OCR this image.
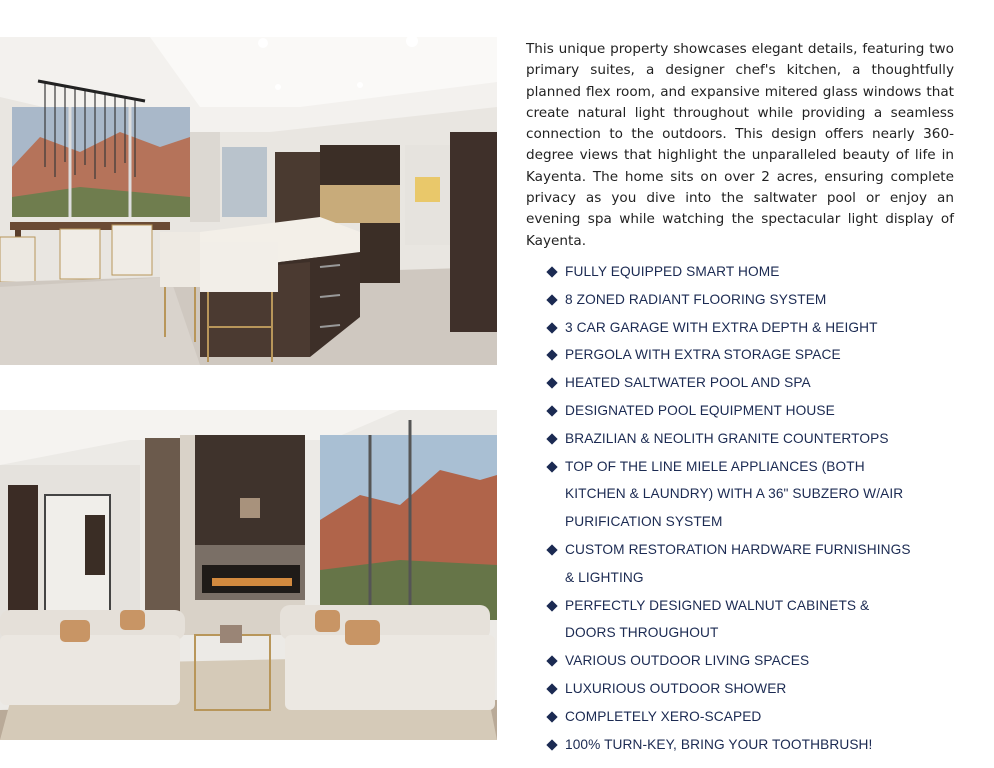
This unique property showcases elegant details, featuring two primary suites, a designer chef's kitchen, a thoughtfully planned flex room, and expansive mitered glass windows that create natural light throughout while providing a seamless connection to the outdoors. This design offers nearly 360-degree views that highlight the unparalleled beauty of life in Kayenta. The home sits on over 2 acres, ensuring complete privacy as you dive into the saltwater pool or enjoy an evening spa while watching the spectacular light display of Kayenta.

FULLY EQUIPPED SMART HOME
8 ZONED RADIANT FLOORING SYSTEM
3 CAR GARAGE WITH EXTRA DEPTH & HEIGHT
PERGOLA WITH EXTRA STORAGE SPACE
HEATED SALTWATER POOL AND SPA
DESIGNATED POOL EQUIPMENT HOUSE
BRAZILIAN & NEOLITH GRANITE COUNTERTOPS
TOP OF THE LINE MIELE APPLIANCES (BOTH KITCHEN & LAUNDRY) WITH A 36" SUBZERO W/AIR PURIFICATION SYSTEM
CUSTOM RESTORATION HARDWARE FURNISHINGS & LIGHTING
PERFECTLY DESIGNED WALNUT CABINETS & DOORS THROUGHOUT
VARIOUS OUTDOOR LIVING SPACES
LUXURIOUS OUTDOOR SHOWER
COMPLETELY XERO-SCAPED
100% TURN-KEY, BRING YOUR TOOTHBRUSH!
